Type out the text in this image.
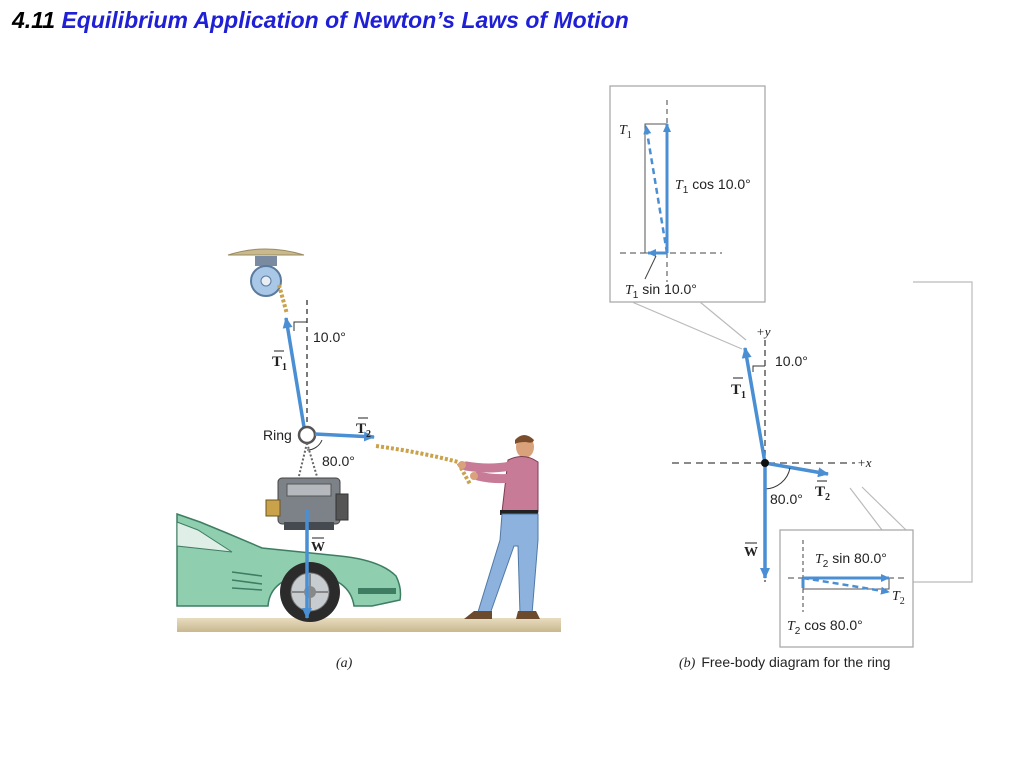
4.11 Equilibrium Application of Newton’s Laws of Motion
10.0°
$T_1$
Ring	$T_2$
80.0°
W
(a)
$T_1$
$T_1$ cos 10.0°
$T_1$ sin 10.0°
+y
+x
10.0°
$T_1$
$T_2$
80.0°
W	$T_2$ sin 80.0°
$T_2$
$T_2$ cos 80.0°
(b) Free-body diagram for the ring
